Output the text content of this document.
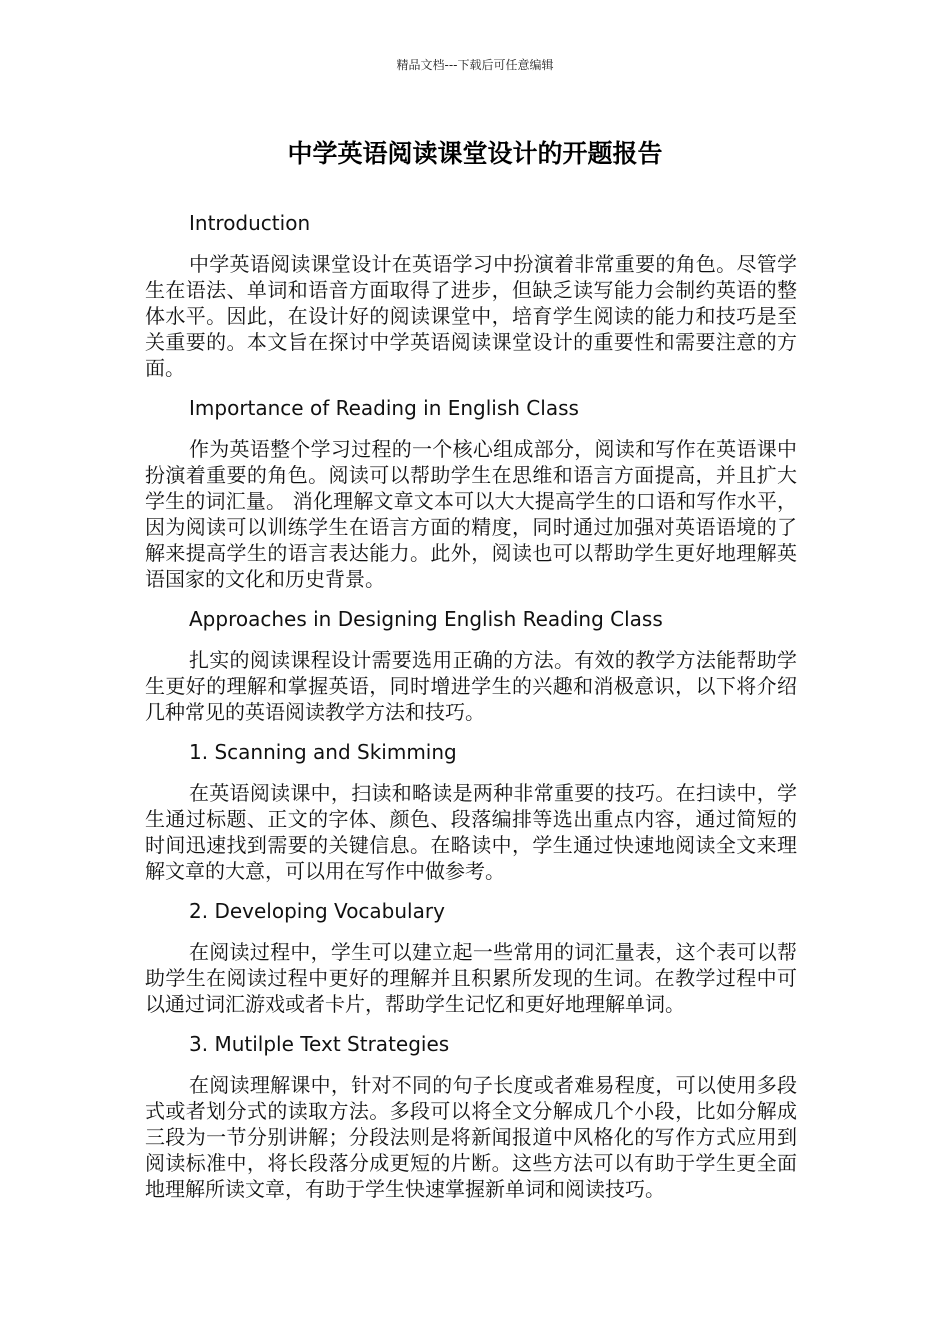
精品文档---下载后可任意编辑
中学英语阅读课堂设计的开题报告

Introduction

中学英语阅读课堂设计在英语学习中扮演着非常重要的角色。尽管学生在语法、单词和语音方面取得了进步，但缺乏读写能力会制约英语的整体水平。因此，在设计好的阅读课堂中，培育学生阅读的能力和技巧是至关重要的。本文旨在探讨中学英语阅读课堂设计的重要性和需要注意的方面。

Importance of Reading in English Class

作为英语整个学习过程的一个核心组成部分，阅读和写作在英语课中扮演着重要的角色。阅读可以帮助学生在思维和语言方面提高，并且扩大学生的词汇量。 消化理解文章文本可以大大提高学生的口语和写作水平，因为阅读可以训练学生在语言方面的精度，同时通过加强对英语语境的了解来提高学生的语言表达能力。此外，阅读也可以帮助学生更好地理解英语国家的文化和历史背景。

Approaches in Designing English Reading Class

扎实的阅读课程设计需要选用正确的方法。有效的教学方法能帮助学生更好的理解和掌握英语，同时增进学生的兴趣和消极意识，以下将介绍几种常见的英语阅读教学方法和技巧。

1. Scanning and Skimming

在英语阅读课中，扫读和略读是两种非常重要的技巧。在扫读中，学生通过标题、正文的字体、颜色、段落编排等选出重点内容，通过简短的时间迅速找到需要的关键信息。在略读中，学生通过快速地阅读全文来理解文章的大意，可以用在写作中做参考。

2. Developing Vocabulary

在阅读过程中，学生可以建立起一些常用的词汇量表，这个表可以帮助学生在阅读过程中更好的理解并且积累所发现的生词。在教学过程中可以通过词汇游戏或者卡片，帮助学生记忆和更好地理解单词。

3. Mutilple Text Strategies

在阅读理解课中，针对不同的句子长度或者难易程度，可以使用多段式或者划分式的读取方法。多段可以将全文分解成几个小段，比如分解成三段为一节分别讲解；分段法则是将新闻报道中风格化的写作方式应用到阅读标准中，将长段落分成更短的片断。这些方法可以有助于学生更全面地理解所读文章，有助于学生快速掌握新单词和阅读技巧。
